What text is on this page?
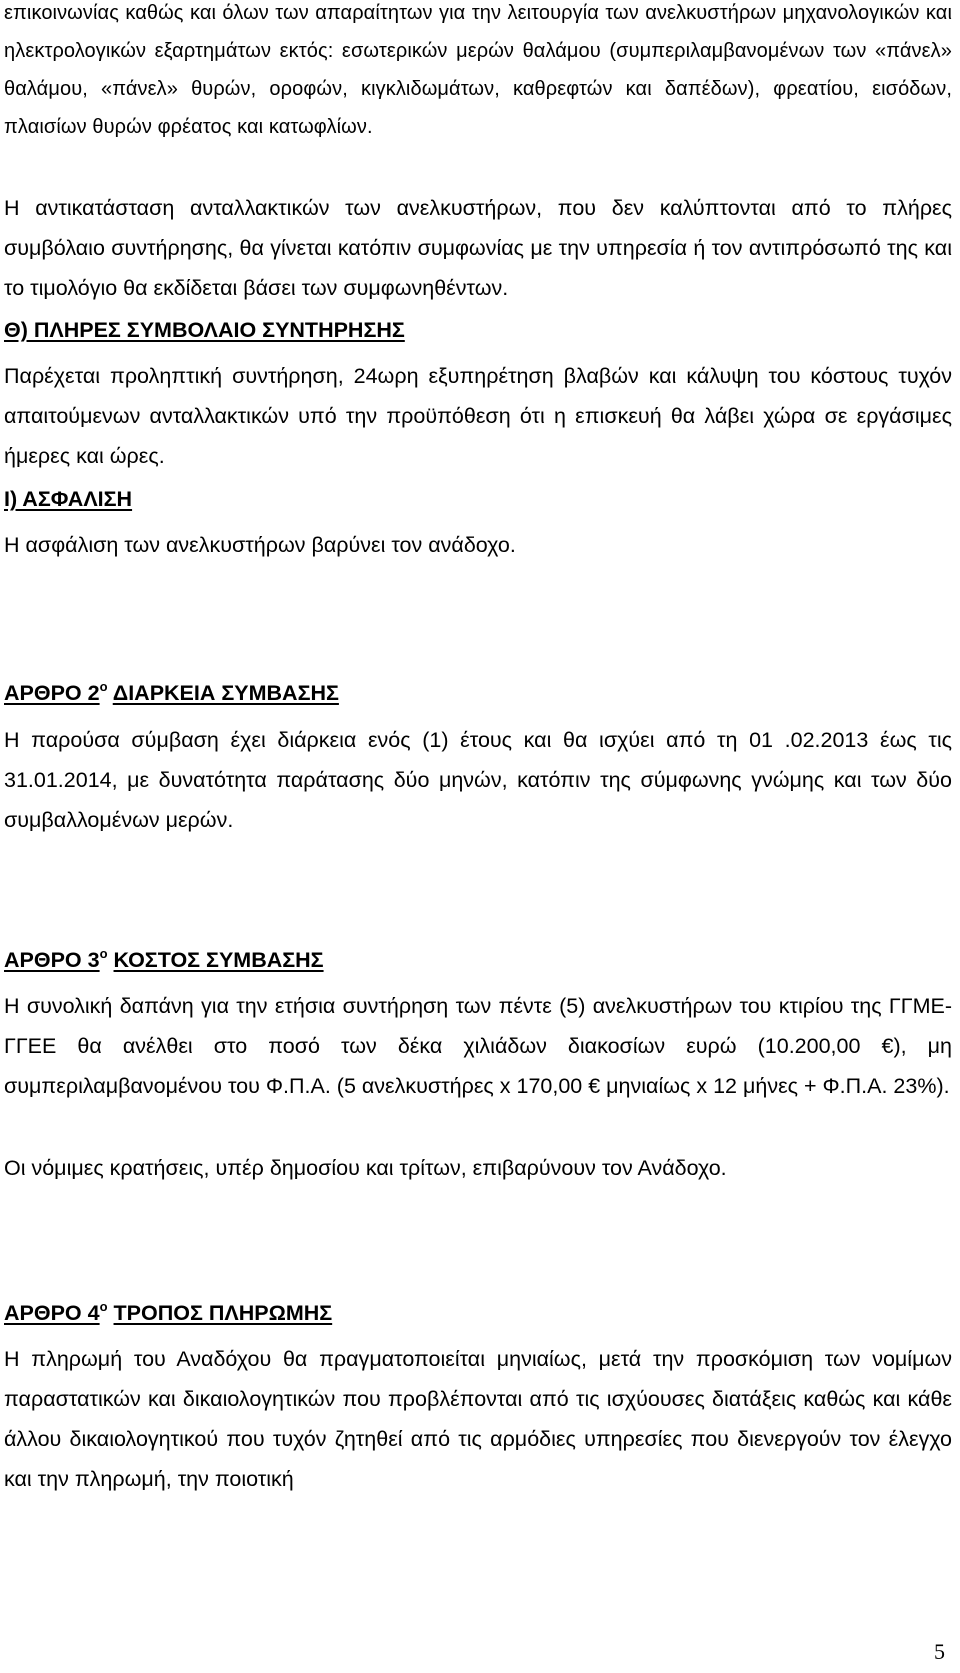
επικοινωνίας καθώς και όλων των απαραίτητων για την λειτουργία των ανελκυστήρων μηχανολογικών και ηλεκτρολογικών εξαρτημάτων εκτός: εσωτερικών μερών θαλάμου (συμπεριλαμβανομένων των «πάνελ» θαλάμου, «πάνελ» θυρών, οροφών, κιγκλιδωμάτων, καθρεφτών και δαπέδων), φρεατίου, εισόδων, πλαισίων θυρών φρέατος και κατωφλίων.

Η αντικατάσταση ανταλλακτικών των ανελκυστήρων, που δεν καλύπτονται από το πλήρες συμβόλαιο συντήρησης, θα γίνεται κατόπιν συμφωνίας με την υπηρεσία ή τον αντιπρόσωπό της και το τιμολόγιο θα εκδίδεται βάσει των συμφωνηθέντων.

Θ) ΠΛΗΡΕΣ ΣΥΜΒΟΛΑΙΟ ΣΥΝΤΗΡΗΣΗΣ

Παρέχεται προληπτική συντήρηση, 24ωρη εξυπηρέτηση βλαβών και κάλυψη του κόστους τυχόν απαιτούμενων ανταλλακτικών υπό την προϋπόθεση ότι η επισκευή θα λάβει χώρα σε εργάσιμες ήμερες και ώρες.

Ι) ΑΣΦΑΛΙΣΗ

Η ασφάλιση των ανελκυστήρων βαρύνει τον ανάδοχο.

ΑΡΘΡΟ $2^o$ ΔΙΑΡΚΕΙΑ ΣΥΜΒΑΣΗΣ

Η παρούσα σύμβαση έχει διάρκεια ενός (1) έτους και θα ισχύει από τη 01 .02.2013 έως τις 31.01.2014, με δυνατότητα παράτασης δύο μηνών, κατόπιν της σύμφωνης γνώμης και των δύο συμβαλλομένων μερών.

ΑΡΘΡΟ $3^o$ ΚΟΣΤΟΣ ΣΥΜΒΑΣΗΣ

Η συνολική δαπάνη για την ετήσια συντήρηση των πέντε (5) ανελκυστήρων του κτιρίου της ΓΓΜΕ-ΓΓΕΕ θα ανέλθει στο ποσό των δέκα χιλιάδων διακοσίων ευρώ (10.200,00 €), μη συμπεριλαμβανομένου του Φ.Π.Α. (5 ανελκυστήρες x 170,00 € μηνιαίως x 12 μήνες + Φ.Π.Α. 23%).

Οι νόμιμες κρατήσεις, υπέρ δημοσίου και τρίτων, επιβαρύνουν τον Ανάδοχο.

ΑΡΘΡΟ $4^o$ ΤΡΟΠΟΣ ΠΛΗΡΩΜΗΣ

Η πληρωμή του Αναδόχου θα πραγματοποιείται μηνιαίως, μετά την προσκόμιση των νομίμων παραστατικών και δικαιολογητικών που προβλέπονται από τις ισχύουσες διατάξεις καθώς και κάθε άλλου δικαιολογητικού που τυχόν ζητηθεί από τις αρμόδιες υπηρεσίες που διενεργούν τον έλεγχο και την πληρωμή, την ποιοτική

5
